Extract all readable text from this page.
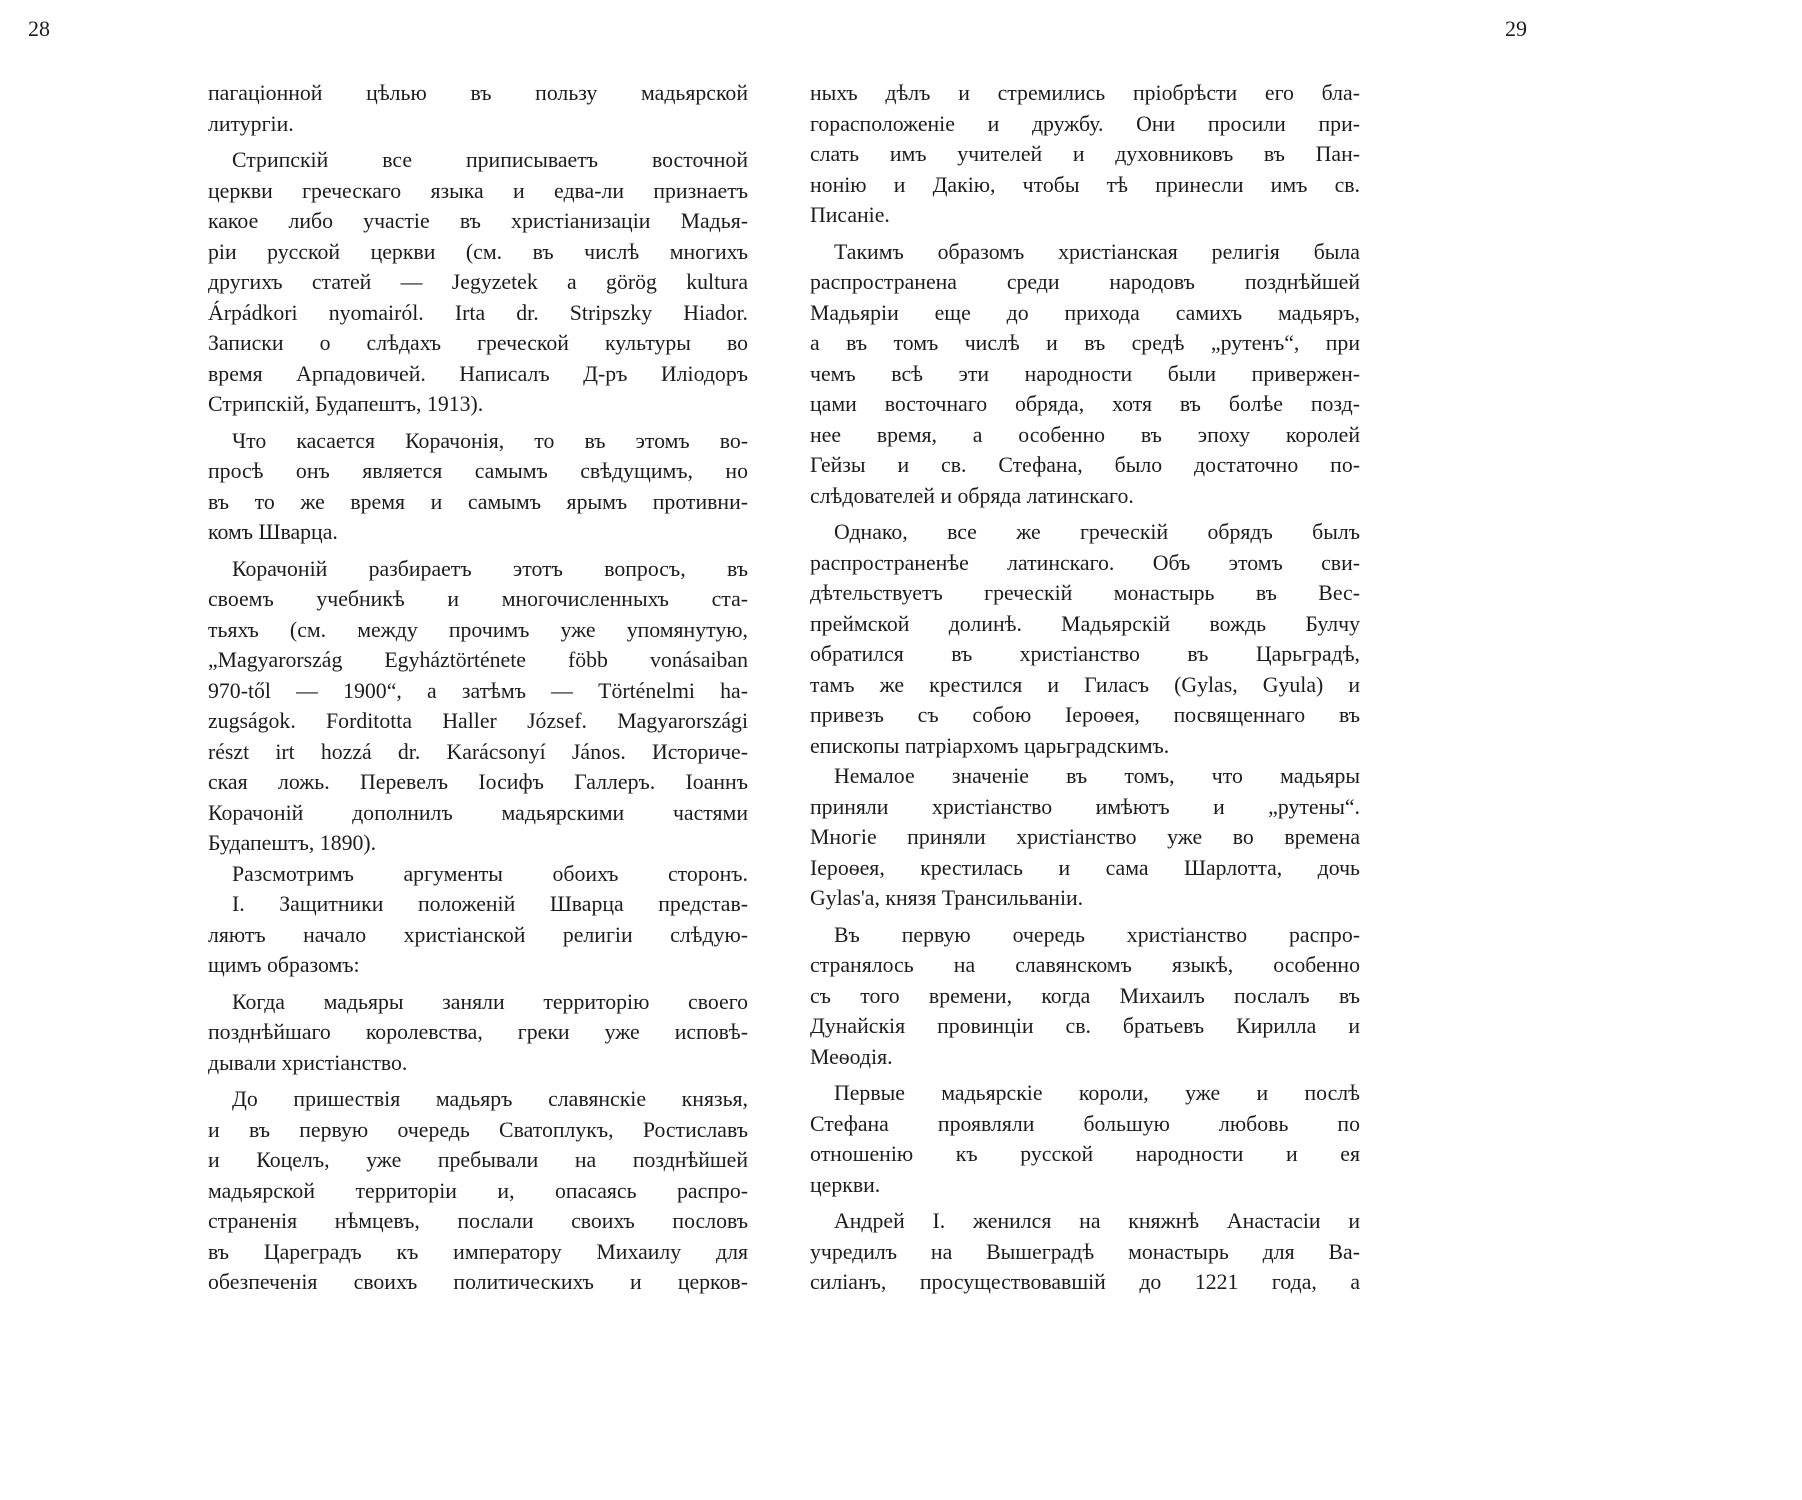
28	29
пагаціонной цѣлью въ пользу мадьярской
литургіи.
Стрипскій все приписываетъ восточной
церкви греческаго языка и едва-ли признаетъ
какое либо участіе въ христіанизаціи Мадья-
ріи русской церкви (см. въ числѣ многихъ
другихъ статей — Jegyzetek a görög kultura
Árpádkori nyomairól. Irta dr. Stripszky Hiador.
Записки о слѣдахъ греческой культуры во
время Арпадовичей. Написалъ Д-ръ Иліодоръ
Стрипскій, Будапештъ, 1913).
Что касается Корачонія, то въ этомъ во-
просѣ онъ является самымъ свѣдущимъ, но
въ то же время и самымъ ярымъ противни-
комъ Шварца.
Корачоній разбираетъ этотъ вопросъ, въ
своемъ учебникѣ и многочисленныхъ ста-
тьяхъ (см. между прочимъ уже упомянутую,
„Magyarország Egyháztörténete föbb vonásaiban
970-től — 1900“, а затѣмъ — Történelmi ha-
zugságok. Forditotta Haller József. Magyarországi
részt irt hozzá dr. Karácsonyí János. Историче-
ская ложь. Перевелъ Іосифъ Галлеръ. Іоаннъ
Корачоній дополнилъ мадьярскими частями
Будапештъ, 1890).
Разсмотримъ аргументы обоихъ сторонъ.
I. Защитники положеній Шварца представ-
ляютъ начало христіанской религіи слѣдую-
щимъ образомъ:
Когда мадьяры заняли территорію своего
позднѣйшаго королевства, греки уже исповѣ-
дывали христіанство.
До пришествія мадьяръ славянскіе князья,
и въ первую очередь Сватоплукъ, Ростиславъ
и Коцелъ, уже пребывали на позднѣйшей
мадьярской территоріи и, опасаясь распро-
страненія нѣмцевъ, послали своихъ пословъ
въ Цареградъ къ императору Михаилу для
обезпеченія своихъ политическихъ и церков-
ныхъ дѣлъ и стремились пріобрѣсти его бла-
горасположеніе и дружбу. Они просили при-
слать имъ учителей и духовниковъ въ Пан-
нонію и Дакію, чтобы тѣ принесли имъ св.
Писаніе.
Такимъ образомъ христіанская религія была
распространена среди народовъ позднѣйшей
Мадьяріи еще до прихода самихъ мадьяръ,
а въ томъ числѣ и въ средѣ „рутенъ“, при
чемъ всѣ эти народности были привержен-
цами восточнаго обряда, хотя въ болѣе позд-
нее время, а особенно въ эпоху королей
Гейзы и св. Стефана, было достаточно по-
слѣдователей и обряда латинскаго.
Однако, все же греческій обрядъ былъ
распространенѣе латинскаго. Объ этомъ сви-
дѣтельствуетъ греческій монастырь въ Вес-
преймской долинѣ. Мадьярскій вождь Булчу
обратился въ христіанство въ Царьградѣ,
тамъ же крестился и Гиласъ (Gylas, Gyula) и
привезъ съ собою Іероѳея, посвященнаго въ
епископы патріархомъ царьградскимъ.
Немалое значеніе въ томъ, что мадьяры
приняли христіанство имѣютъ и „рутены“.
Многіе приняли христіанство уже во времена
Іероѳея, крестилась и сама Шарлотта, дочь
Gylas'а, князя Трансильваніи.
Въ первую очередь христіанство распро-
странялось на славянскомъ языкѣ, особенно
съ того времени, когда Михаилъ послалъ въ
Дунайскія провинціи св. братьевъ Кирилла и
Меѳодія.
Первые мадьярскіе короли, уже и послѣ
Стефана проявляли большую любовь по
отношенію къ русской народности и ея
церкви.
Андрей I. женился на княжнѣ Анастасіи и
учредилъ на Вышеградѣ монастырь для Ва-
силіанъ, просуществовавшій до 1221 года, а
